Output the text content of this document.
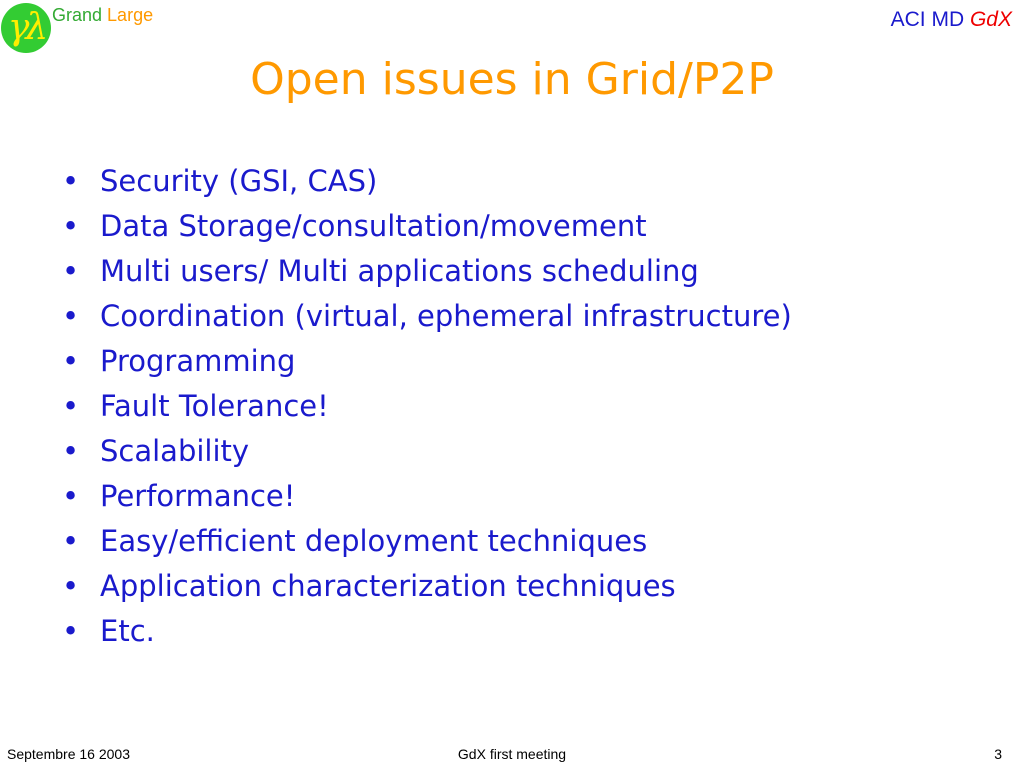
γλ Grand Large	ACI MD GdX
Open issues in Grid/P2P
• Security (GSI, CAS)
• Data Storage/consultation/movement
• Multi users/ Multi applications scheduling
• Coordination (virtual, ephemeral infrastructure)
• Programming
• Fault Tolerance!
• Scalability
• Performance!
• Easy/efficient deployment techniques
• Application characterization techniques
• Etc.
GdX first meeting
Septembre 16 2003	3
